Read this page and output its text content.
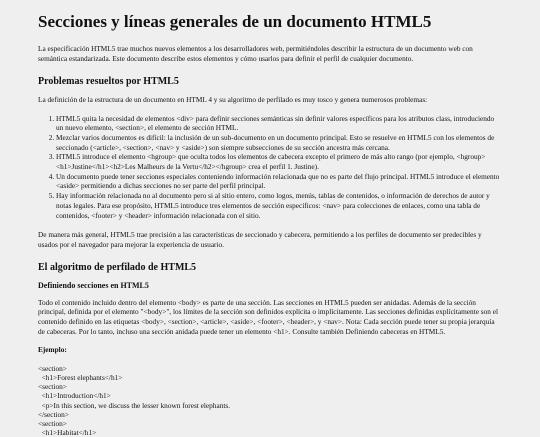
Secciones y líneas generales de un documento HTML5

La especificación HTML5 trae muchos nuevos elementos a los desarrolladores web, permitiéndoles describir la estructura de un documento web con semántica estandarizada. Este documento describe estos elementos y cómo usarlos para definir el perfil de cualquier documento.

Problemas resueltos por HTML5

La definición de la estructura de un documento en HTML 4 y su algoritmo de perfilado es muy tosco y genera numerosos problemas:

1. HTML5 quita la necesidad de elementos <div> para definir secciones semánticas sin definir valores específicos para los atributos class, introduciendo un nuevo elemento, <section>, el elemento de sección HTML.
2. Mezclar varios documentos es difícil: la inclusión de un sub-documento en un documento principal. Esto se resuelve en HTML5 con los elementos de seccionado (<article>, <section>, <nav> y <aside>) son siempre subsecciones de su sección ancestra más cercana.
3. HTML5 introduce el elemento <hgroup> que oculta todos los elementos de cabecera excepto el primero de más alto rango (por ejemplo, <hgroup><h1>Justine</h1><h2>Les Malheurs de la Vertu</h2></hgroup> crea el perfil 1. Justine).
4. Un documento puede tener secciones especiales conteniendo información relacionada que no es parte del flujo principal. HTML5 introduce el elemento <aside> permitiendo a dichas secciones no ser parte del perfil principal.
5. Hay información relacionada no al documento pero si al sitio entero, como logos, menús, tablas de contenidos, o información de derechos de autor y notas legales. Para ese propósito, HTML5 introduce tres elementos de sección específicos: <nav> para colecciones de enlaces, como una tabla de contenidos, <footer> y <header> información relacionada con el sitio.

De manera más general, HTML5 trae precisión a las características de seccionado y cabecera, permitiendo a los perfiles de documento ser predecibles y usados por el navegador para mejorar la experiencia de usuario.

El algoritmo de perfilado de HTML5
Definiendo secciones en HTML5

Todo el contenido incluido dentro del elemento <body> es parte de una sección. Las secciones en HTML5 pueden ser anidadas. Además de la sección principal, definida por el elemento "<body>", los límites de la sección son definidos explícita o implícitamente. Las secciones definidas explícitamente son el contenido definido en las etiquetas <body>, <section>, <article>, <aside>, <footer>, <header>, y <nav>. Nota: Cada sección puede tener su propia jerarquía de cabeceras. Por lo tanto, incluso una sección anidada puede tener un elemento <h1>. Consulte también Definiendo cabeceras en HTML5.

Ejemplo:

<section>
<h1>Forest elephants</h1>
<section>
<h1>Introduction</h1>
<p>In this section, we discuss the lesser known forest elephants.
</section>
<section>
<h1>Habitat</h1>
